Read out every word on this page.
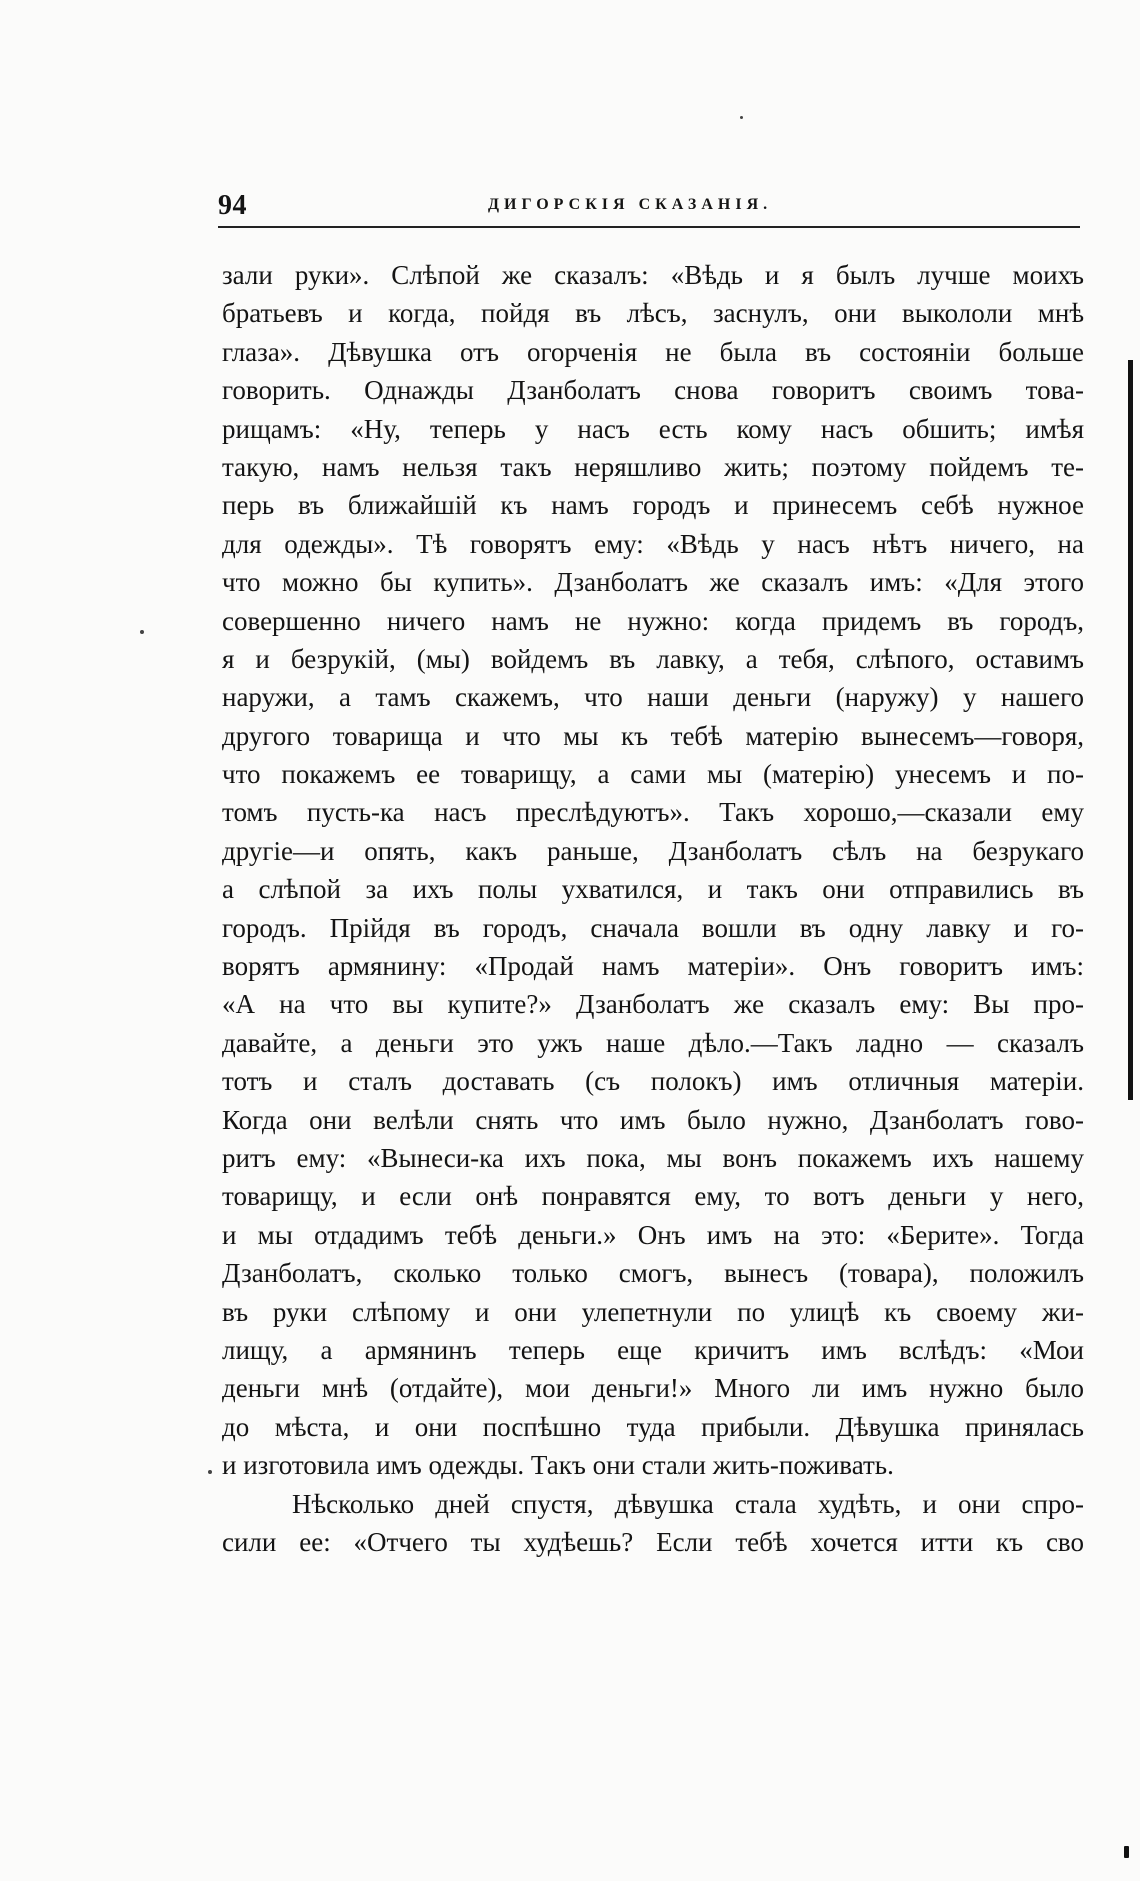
94	ДИГОРСКІЯ СКАЗАНІЯ.
зали руки». Слѣпой же сказалъ: «Вѣдь и я былъ лучше моихъ
братьевъ и когда, пойдя въ лѣсъ, заснулъ, они выкололи мнѣ
глаза». Дѣвушка отъ огорченія не была въ состояніи больше
говорить. Однажды Дзанболатъ снова говоритъ своимъ това-
рищамъ: «Ну, теперь у насъ есть кому насъ обшить; имѣя
такую, намъ нельзя такъ неряшливо жить; поэтому пойдемъ те-
перь въ ближайшій къ намъ городъ и принесемъ себѣ нужное
для одежды». Тѣ говорятъ ему: «Вѣдь у насъ нѣтъ ничего, на
что можно бы купить». Дзанболатъ же сказалъ имъ: «Для этого
совершенно ничего намъ не нужно: когда придемъ въ городъ,
я и безрукій, (мы) войдемъ въ лавку, а тебя, слѣпого, оставимъ
наружи, а тамъ скажемъ, что наши деньги (наружу) у нашего
другого товарища и что мы къ тебѣ матерію вынесемъ—говоря,
что покажемъ ее товарищу, а сами мы (матерію) унесемъ и по-
томъ пусть-ка насъ преслѣдуютъ». Такъ хорошо,—сказали ему
другіе—и опять, какъ раньше, Дзанболатъ сѣлъ на безрукаго
а слѣпой за ихъ полы ухватился, и такъ они отправились въ
городъ. Прійдя въ городъ, сначала вошли въ одну лавку и го-
ворятъ армянину: «Продай намъ матеріи». Онъ говоритъ имъ:
«А на что вы купите?» Дзанболатъ же сказалъ ему: Вы про-
давайте, а деньги это ужъ наше дѣло.—Такъ ладно — сказалъ
тотъ и сталъ доставать (съ полокъ) имъ отличныя матеріи.
Когда они велѣли снять что имъ было нужно, Дзанболатъ гово-
ритъ ему: «Вынеси-ка ихъ пока, мы вонъ покажемъ ихъ нашему
товарищу, и если онѣ понравятся ему, то вотъ деньги у него,
и мы отдадимъ тебѣ деньги.» Онъ имъ на это: «Берите». Тогда
Дзанболатъ, сколько только смогъ, вынесъ (товара), положилъ
въ руки слѣпому и они улепетнули по улицѣ къ своему жи-
лищу, а армянинъ теперь еще кричитъ имъ вслѣдъ: «Мои
деньги мнѣ (отдайте), мои деньги!» Много ли имъ нужно было
до мѣста, и они поспѣшно туда прибыли. Дѣвушка принялась
и изготовила имъ одежды. Такъ они стали жить-поживать.
Нѣсколько дней спустя, дѣвушка стала худѣть, и они спро-
сили ее: «Отчего ты худѣешь? Если тебѣ хочется итти къ сво
